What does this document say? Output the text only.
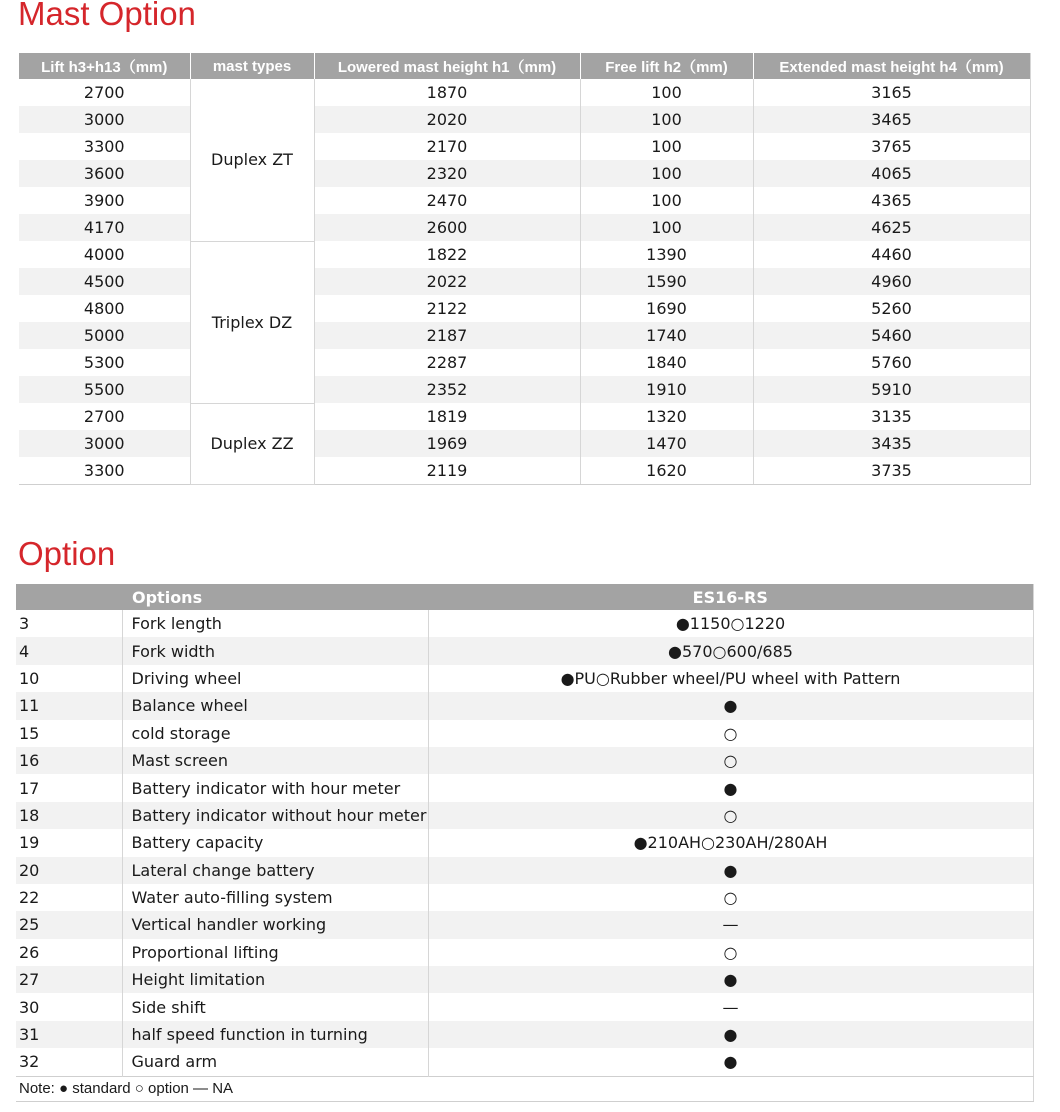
Mast Option
Lift h3+h13（mm)	mast types	Lowered mast height h1（mm)	Free lift h2（mm)	Extended mast height h4（mm)
2700	Duplex ZT	1870	100	3165
3000		2020	100	3465
3300		2170	100	3765
3600		2320	100	4065
3900		2470	100	4365
4170		2600	100	4625
4000	Triplex DZ	1822	1390	4460
4500		2022	1590	4960
4800		2122	1690	5260
5000		2187	1740	5460
5300		2287	1840	5760
5500		2352	1910	5910
2700	Duplex ZZ	1819	1320	3135
3000		1969	1470	3435
3300		2119	1620	3735
Option
	Options	ES16-RS
3	Fork length	●1150○1220
4	Fork width	●570○600/685
10	Driving wheel	●PU○Rubber wheel/PU wheel with Pattern
11	Balance wheel	●
15	cold storage	○
16	Mast screen	○
17	Battery indicator with hour meter	●
18	Battery indicator without hour meter	○
19	Battery capacity	●210AH○230AH/280AH
20	Lateral change battery	●
22	Water auto-filling system	○
25	Vertical handler working	—
26	Proportional lifting	○
27	Height limitation	●
30	Side shift	—
31	half speed function in turning	●
32	Guard arm	●
Note: ● standard ○ option — NA		
